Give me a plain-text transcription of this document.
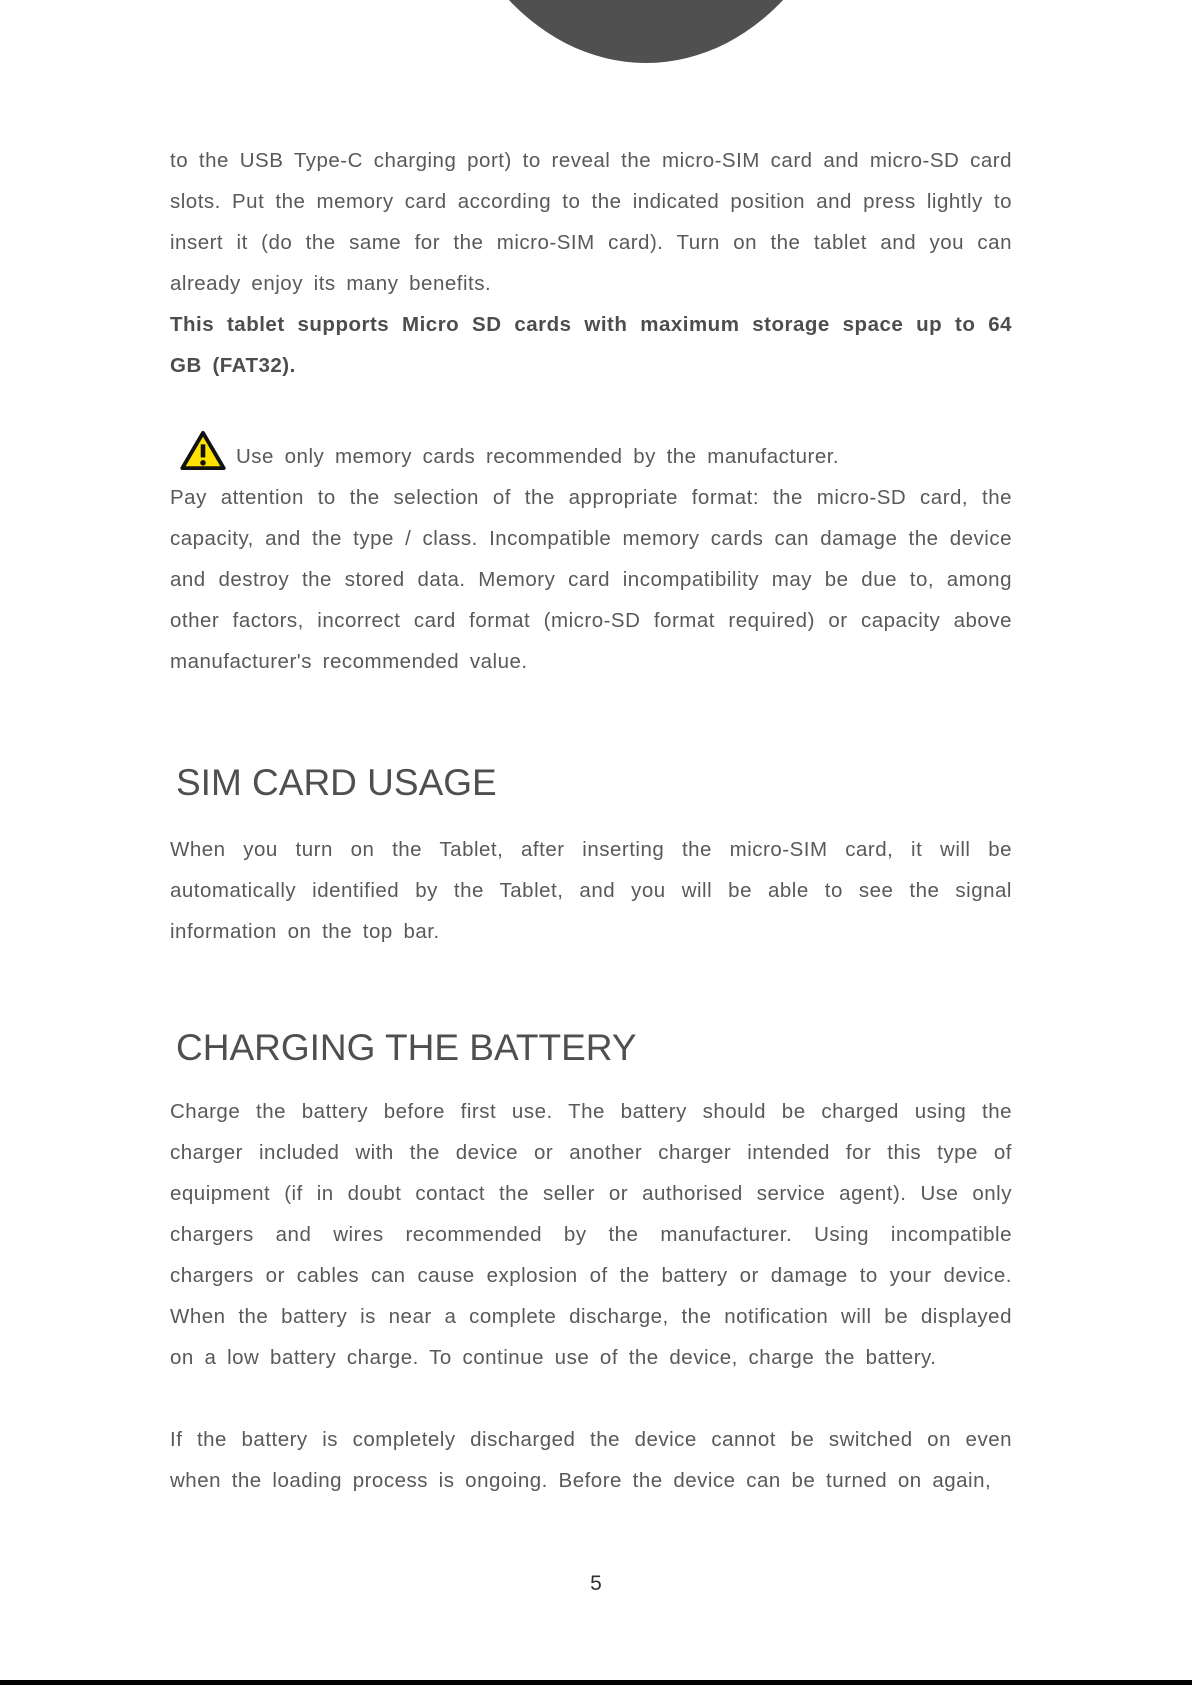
to the USB Type-C charging port) to reveal the micro-SIM card and micro-SD card slots. Put the memory card according to the indicated position and press lightly to insert it (do the same for the micro-SIM card). Turn on the tablet and you can already enjoy its many benefits.

This tablet supports Micro SD cards with maximum storage space up to 64 GB (FAT32).

Use only memory cards recommended by the manufacturer.

Pay attention to the selection of the appropriate format: the micro-SD card, the capacity, and the type / class. Incompatible memory cards can damage the device and destroy the stored data. Memory card incompatibility may be due to, among other factors, incorrect card format (micro-SD format required) or capacity above manufacturer's recommended value.

SIM CARD USAGE

When you turn on the Tablet, after inserting the micro-SIM card, it will be automatically identified by the Tablet, and you will be able to see the signal information on the top bar.

CHARGING THE BATTERY

Charge the battery before first use. The battery should be charged using the charger included with the device or another charger intended for this type of equipment (if in doubt contact the seller or authorised service agent). Use only chargers and wires recommended by the manufacturer. Using incompatible chargers or cables can cause explosion of the battery or damage to your device. When the battery is near a complete discharge, the notification will be displayed on a low battery charge. To continue use of the device, charge the battery.

If the battery is completely discharged the device cannot be switched on even when the loading process is ongoing. Before the device can be turned on again,

5
